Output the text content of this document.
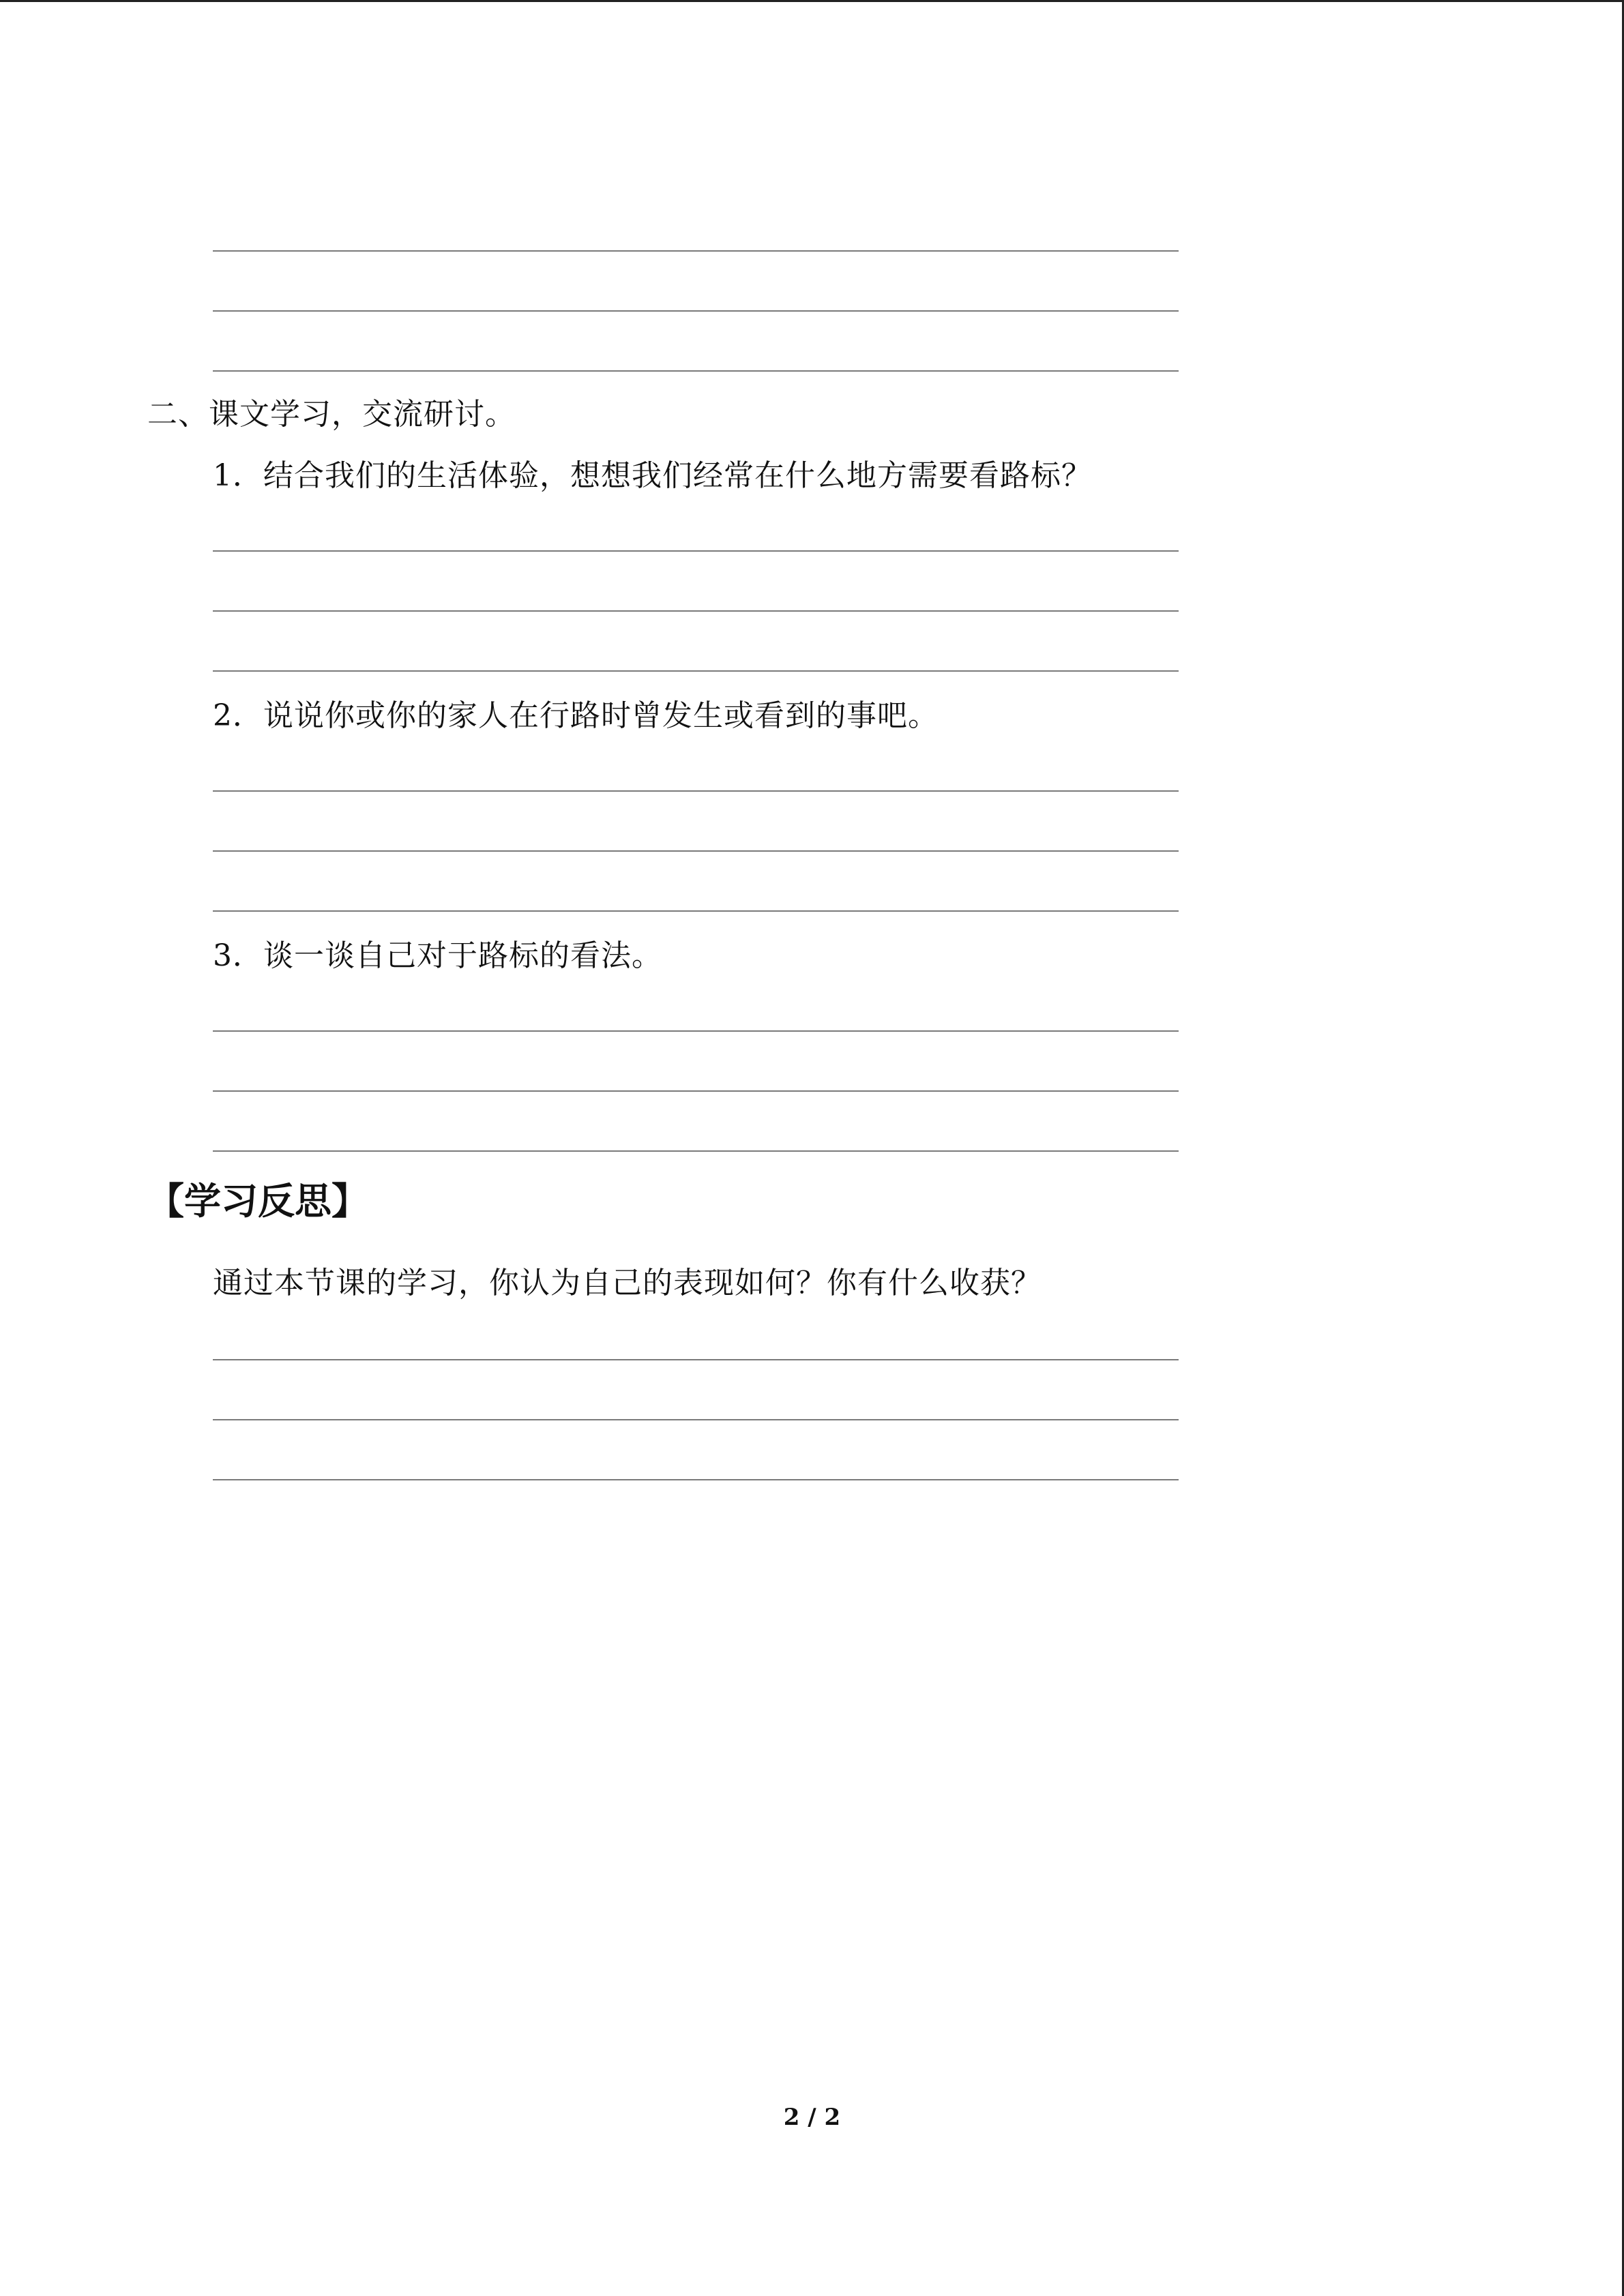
二、课文学习，交流研讨。
1．结合我们的生活体验，想想我们经常在什么地方需要看路标？
2．说说你或你的家人在行路时曾发生或看到的事吧。
3．谈一谈自己对于路标的看法。
【学习反思】
通过本节课的学习，你认为自己的表现如何？你有什么收获？
2 / 2
